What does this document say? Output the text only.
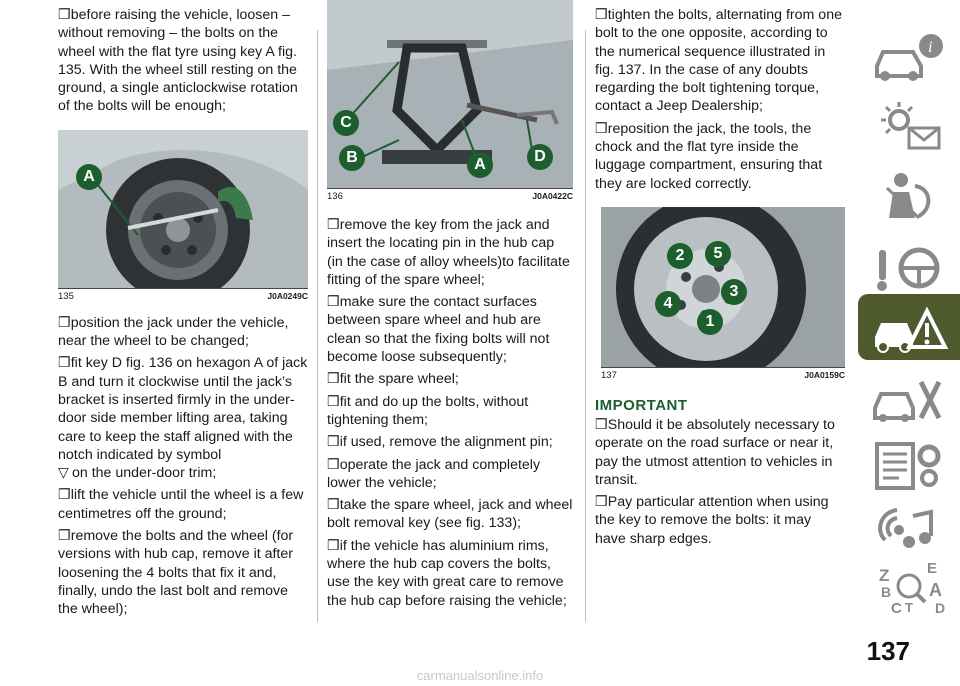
❒before raising the vehicle, loosen – without removing – the bolts on the wheel with the flat tyre using key A fig. 135. With the wheel still resting on the ground, a single anticlockwise rotation of the bolts will be enough;

A
135	J0A0249C

❒position the jack under the vehicle, near the wheel to be changed;

❒fit key D fig. 136 on hexagon A of jack B and turn it clockwise until the jack’s bracket is inserted firmly in the under-door side member lifting area, taking care to keep the staff aligned with the notch indicated by symbol
▽ on the under-door trim;

❒lift the vehicle until the wheel is a few centimetres off the ground;

❒remove the bolts and the wheel (for versions with hub cap, remove it after loosening the 4 bolts that fix it and, finally, undo the last bolt and remove the wheel);

C
B	A	D
136	J0A0422C

❒remove the key from the jack and insert the locating pin in the hub cap (in the case of alloy wheels)to facilitate fitting of the spare wheel;

❒make sure the contact surfaces between spare wheel and hub are clean so that the fixing bolts will not become loose subsequently;

❒fit the spare wheel;

❒fit and do up the bolts, without tightening them;

❒if used, remove the alignment pin;

❒operate the jack and completely lower the vehicle;

❒take the spare wheel, jack and wheel bolt removal key (see fig. 133);

❒if the vehicle has aluminium rims, where the hub cap covers the bolts, use the key with great care to remove the hub cap before raising the vehicle;

❒tighten the bolts, alternating from one bolt to the one opposite, according to the numerical sequence illustrated in fig. 137. In the case of any doubts regarding the bolt tightening torque, contact a Jeep Dealership;

❒reposition the jack, the tools, the chock and the flat tyre inside the luggage compartment, ensuring that they are locked correctly.

2	5
3
4
1
137	J0A0159C
IMPORTANT

❒Should it be absolutely necessary to operate on the road surface or near it, pay the utmost attention to vehicles in transit.

❒Pay particular attention when using the key to remove the bolts: it may have sharp edges.

i
Z	E
A
B
C T D
137
carmanualsonline.info
